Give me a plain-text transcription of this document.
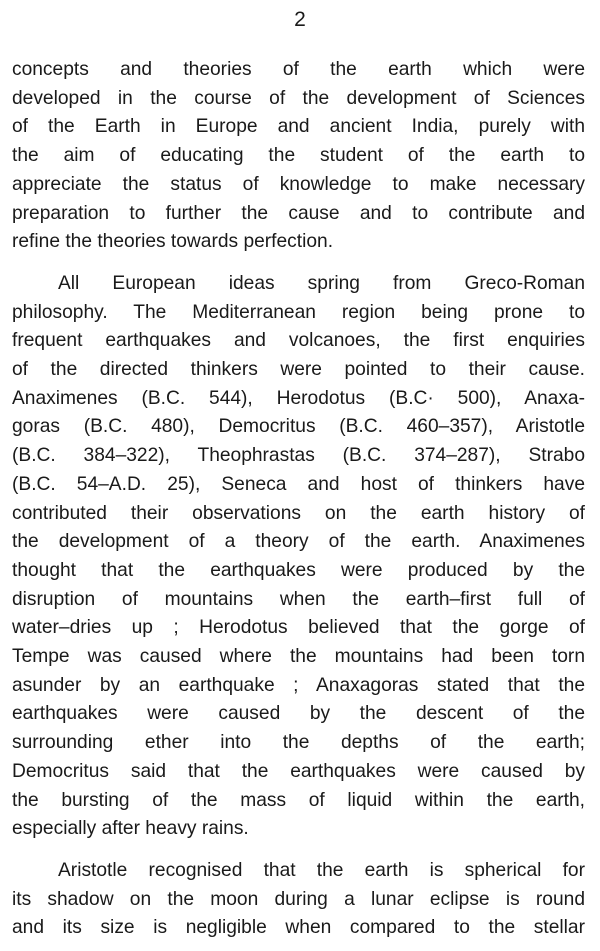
2
concepts and theories of the earth which were
developed in the course of the development of Sciences
of the Earth in Europe and ancient India, purely with
the aim of educating the student of the earth to
appreciate the status of knowledge to make necessary
preparation to further the cause and to contribute and
refine the theories towards perfection.
All European ideas spring from Greco-Roman
philosophy. The Mediterranean region being prone to
frequent earthquakes and volcanoes, the first enquiries
of the directed thinkers were pointed to their cause.
Anaximenes (B.C. 544), Herodotus (B.C· 500), Anaxa-
goras (B.C. 480), Democritus (B.C. 460–357), Aristotle
(B.C. 384–322), Theophrastas (B.C. 374–287), Strabo
(B.C. 54–A.D. 25), Seneca and host of thinkers have
contributed their observations on the earth history of
the development of a theory of the earth. Anaximenes
thought that the earthquakes were produced by the
disruption of mountains when the earth–first full of
water–dries up ; Herodotus believed that the gorge of
Tempe was caused where the mountains had been torn
asunder by an earthquake ; Anaxagoras stated that the
earthquakes were caused by the descent of the
surrounding ether into the depths of the earth;
Democritus said that the earthquakes were caused by
the bursting of the mass of liquid within the earth,
especially after heavy rains.
Aristotle recognised that the earth is spherical for
its shadow on the moon during a lunar eclipse is round
and its size is negligible when compared to the stellar
